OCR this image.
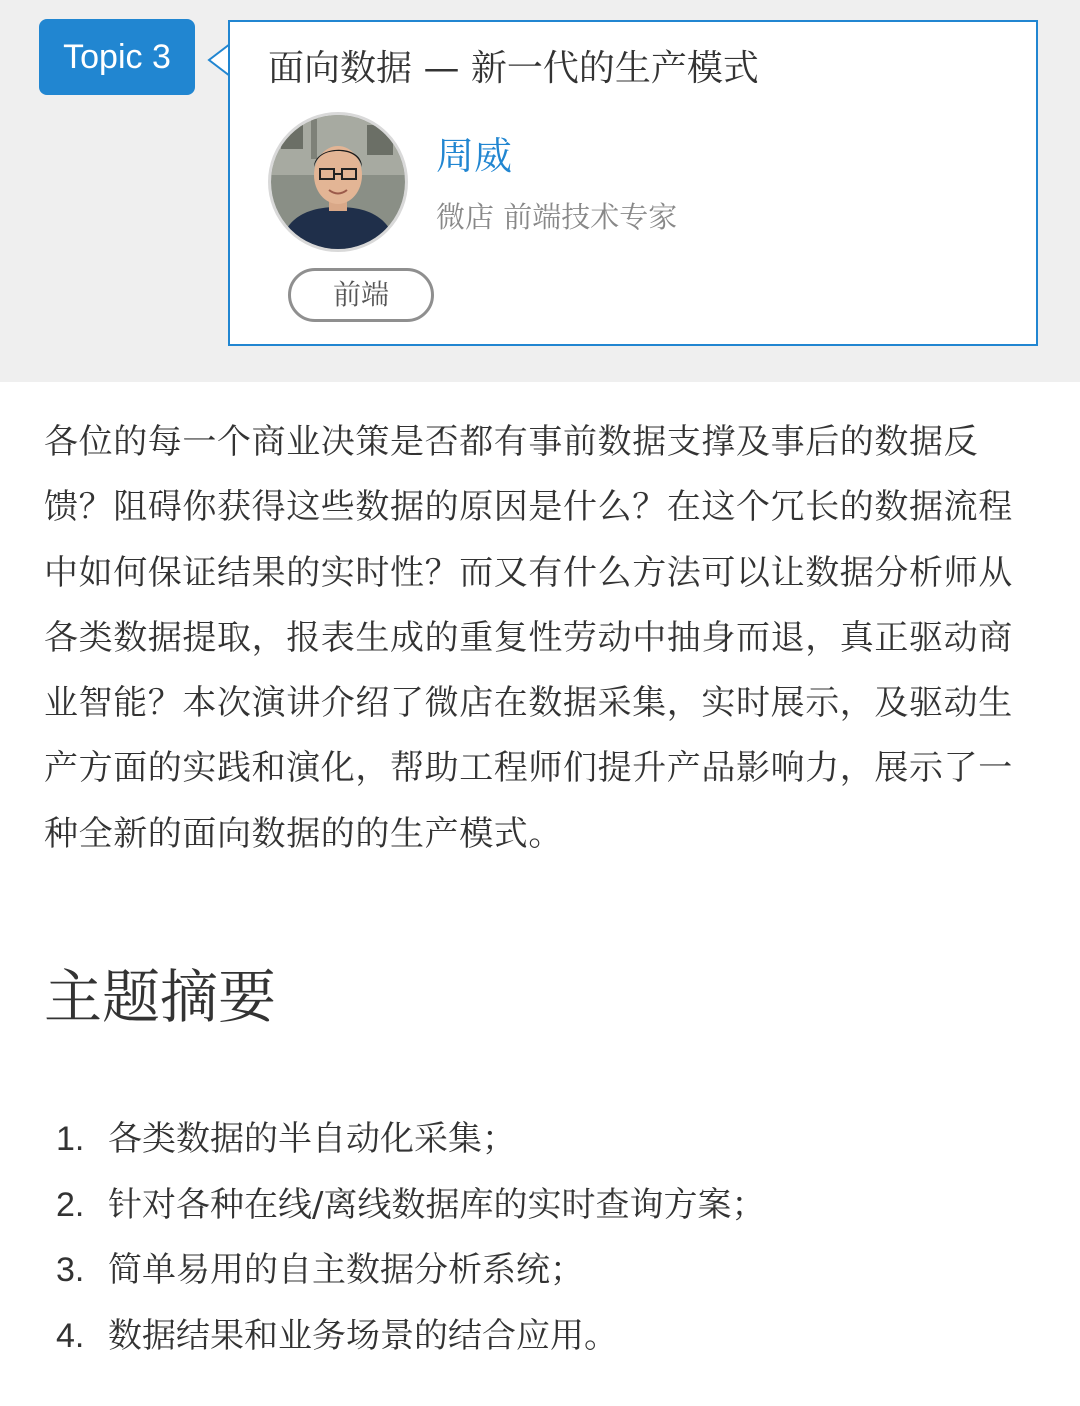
Topic 3	面向数据 — 新一代的生产模式
周威
微店 前端技术专家
前端

各位的每一个商业决策是否都有事前数据支撑及事后的数据反馈？阻碍你获得这些数据的原因是什么？在这个冗长的数据流程中如何保证结果的实时性？而又有什么方法可以让数据分析师从各类数据提取，报表生成的重复性劳动中抽身而退，真正驱动商业智能？本次演讲介绍了微店在数据采集，实时展示，及驱动生产方面的实践和演化，帮助工程师们提升产品影响力，展示了一种全新的面向数据的的生产模式。

主题摘要
1. 各类数据的半自动化采集；
2. 针对各种在线/离线数据库的实时查询方案；
3. 简单易用的自主数据分析系统；
4. 数据结果和业务场景的结合应用。
